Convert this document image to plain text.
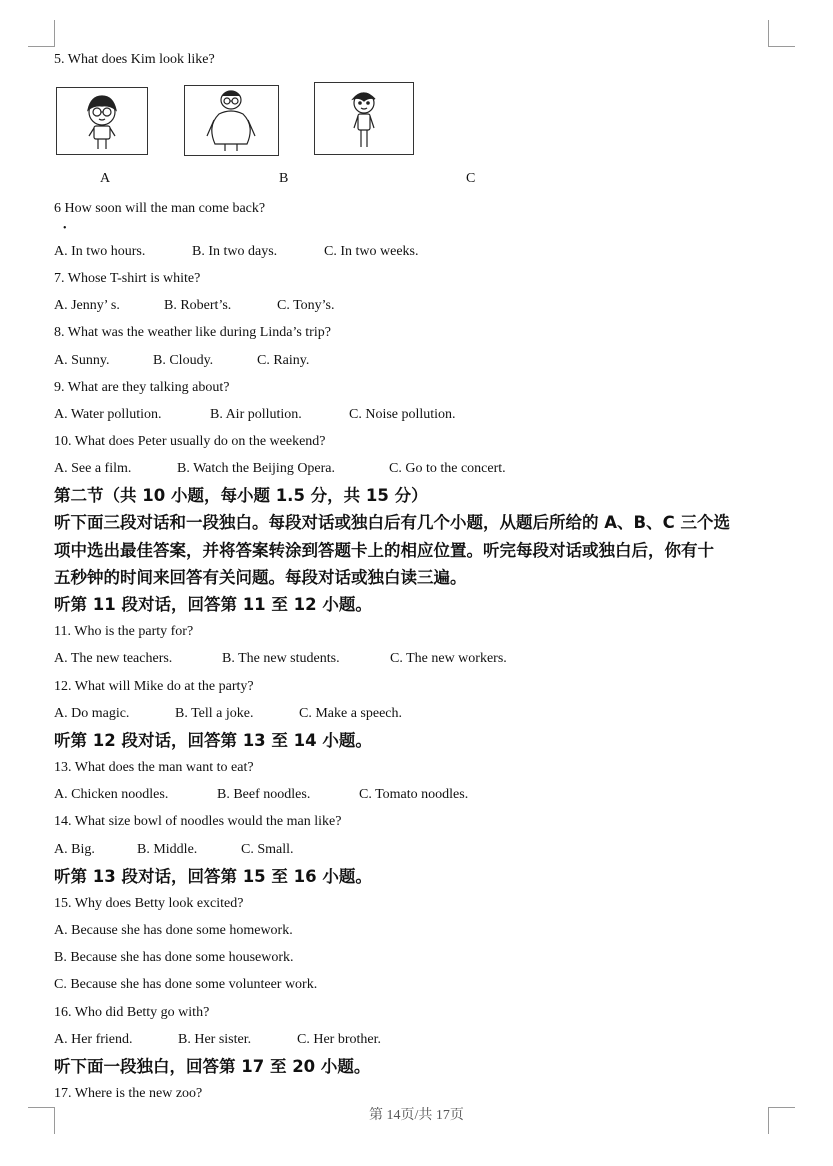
5. What does Kim look like?
A	B	C
6 How soon will the man come back?
•
A. In two hours.	B. In two days.	C. In two weeks.
7. Whose T-shirt is white?
A. Jenny’ s.	B. Robert’s.	C. Tony’s.
8. What was the weather like during Linda’s trip?
A. Sunny.	B. Cloudy.	C. Rainy.
9. What are they talking about?
A. Water pollution.	B. Air pollution.	C. Noise pollution.
10. What does Peter usually do on the weekend?
A. See a film.	B. Watch the Beijing Opera.	C. Go to the concert.
第二节（共 10 小题，每小题 1.5 分，共 15 分）
听下面三段对话和一段独白。每段对话或独白后有几个小题，从题后所给的 A、B、C 三个选
项中选出最佳答案，并将答案转涂到答题卡上的相应位置。听完每段对话或独白后，你有十
五秒钟的时间来回答有关问题。每段对话或独白读三遍。
听第 11 段对话，回答第 11 至 12 小题。
11. Who is the party for?
A. The new teachers.	B. The new students.	C. The new workers.
12. What will Mike do at the party?
A. Do magic.	B. Tell a joke.	C. Make a speech.
听第 12 段对话，回答第 13 至 14 小题。
13. What does the man want to eat?
A. Chicken noodles.	B. Beef noodles.	C. Tomato noodles.
14. What size bowl of noodles would the man like?
A. Big.	B. Middle.	C. Small.
听第 13 段对话，回答第 15 至 16 小题。
15. Why does Betty look excited?
A. Because she has done some homework.
B. Because she has done some housework.
C. Because she has done some volunteer work.
16. Who did Betty go with?
A. Her friend.	B. Her sister.	C. Her brother.
听下面一段独白，回答第 17 至 20 小题。
17. Where is the new zoo?
第 14页/共 17页
